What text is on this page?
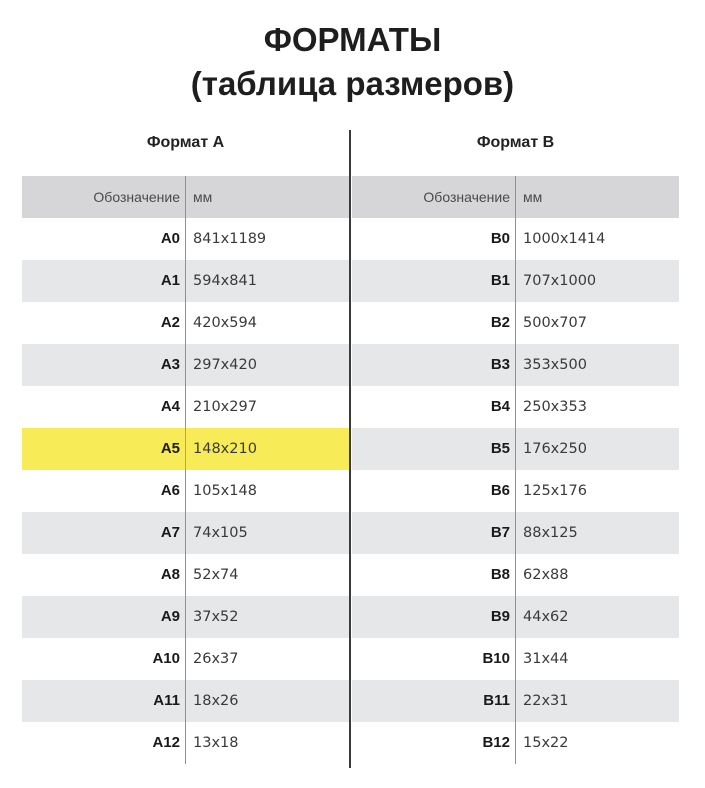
ФОРМАТЫ
(таблица размеров)
Формат А	Формат В
Обозначение мм
A0 841x1189
A1 594x841
A2 420x594
A3 297x420
A4 210x297
A5 148x210
A6 105x148
A7 74x105
A8 52x74
A9 37x52
A10 26x37
A11 18x26
A12 13x18
Обозначение мм
B0 1000x1414
B1 707x1000
B2 500x707
B3 353x500
B4 250x353
B5 176x250
B6 125x176
B7 88x125
B8 62x88
B9 44x62
B10 31x44
B11 22x31
B12 15x22
